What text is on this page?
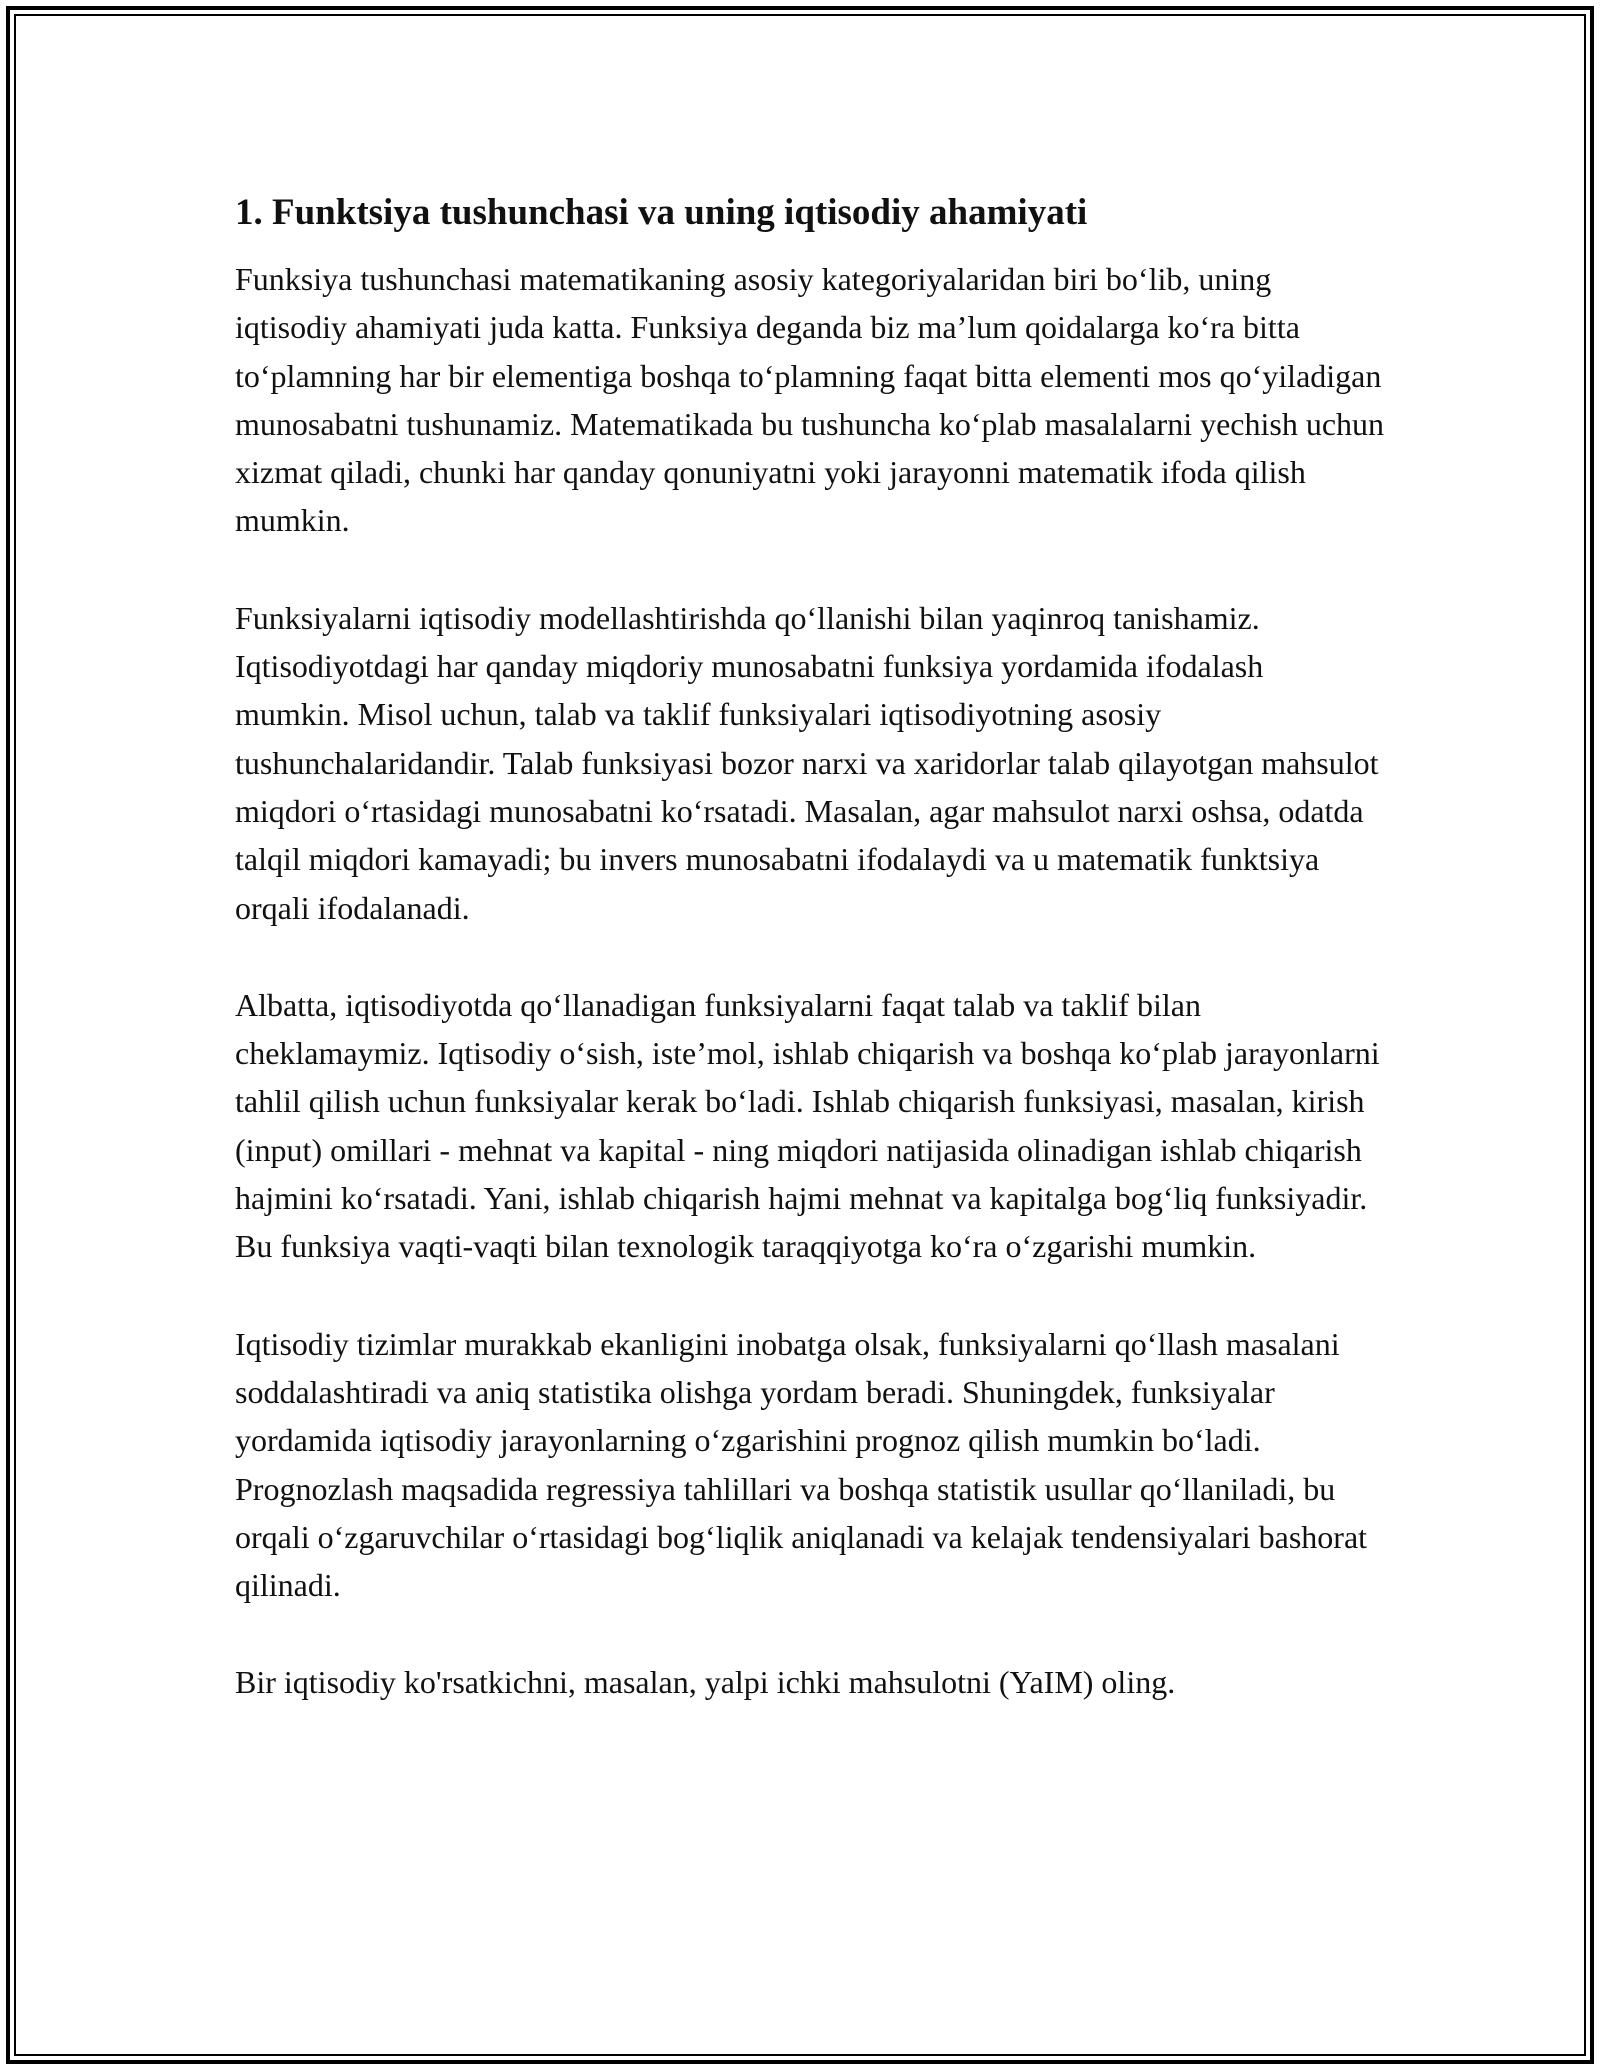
1. Funktsiya tushunchasi va uning iqtisodiy ahamiyati

Funksiya tushunchasi matematikaning asosiy kategoriyalaridan biri bo‘lib, uning iqtisodiy ahamiyati juda katta. Funksiya deganda biz ma’lum qoidalarga ko‘ra bitta to‘plamning har bir elementiga boshqa to‘plamning faqat bitta elementi mos qo‘yiladigan munosabatni tushunamiz. Matematikada bu tushuncha ko‘plab masalalarni yechish uchun xizmat qiladi, chunki har qanday qonuniyatni yoki jarayonni matematik ifoda qilish mumkin.

Funksiyalarni iqtisodiy modellashtirishda qo‘llanishi bilan yaqinroq tanishamiz. Iqtisodiyotdagi har qanday miqdoriy munosabatni funksiya yordamida ifodalash mumkin. Misol uchun, talab va taklif funksiyalari iqtisodiyotning asosiy tushunchalaridandir. Talab funksiyasi bozor narxi va xaridorlar talab qilayotgan mahsulot miqdori o‘rtasidagi munosabatni ko‘rsatadi. Masalan, agar mahsulot narxi oshsa, odatda talqil miqdori kamayadi; bu invers munosabatni ifodalaydi va u matematik funktsiya orqali ifodalanadi.

Albatta, iqtisodiyotda qo‘llanadigan funksiyalarni faqat talab va taklif bilan cheklamaymiz. Iqtisodiy o‘sish, iste’mol, ishlab chiqarish va boshqa ko‘plab jarayonlarni tahlil qilish uchun funksiyalar kerak bo‘ladi. Ishlab chiqarish funksiyasi, masalan, kirish (input) omillari - mehnat va kapital - ning miqdori natijasida olinadigan ishlab chiqarish hajmini ko‘rsatadi. Yani, ishlab chiqarish hajmi mehnat va kapitalga bog‘liq funksiyadir. Bu funksiya vaqti-vaqti bilan texnologik taraqqiyotga ko‘ra o‘zgarishi mumkin.

Iqtisodiy tizimlar murakkab ekanligini inobatga olsak, funksiyalarni qo‘llash masalani soddalashtiradi va aniq statistika olishga yordam beradi. Shuningdek, funksiyalar yordamida iqtisodiy jarayonlarning o‘zgarishini prognoz qilish mumkin bo‘ladi. Prognozlash maqsadida regressiya tahlillari va boshqa statistik usullar qo‘llaniladi, bu orqali o‘zgaruvchilar o‘rtasidagi bog‘liqlik aniqlanadi va kelajak tendensiyalari bashorat qilinadi.

Bir iqtisodiy ko'rsatkichni, masalan, yalpi ichki mahsulotni (YaIM) oling.
